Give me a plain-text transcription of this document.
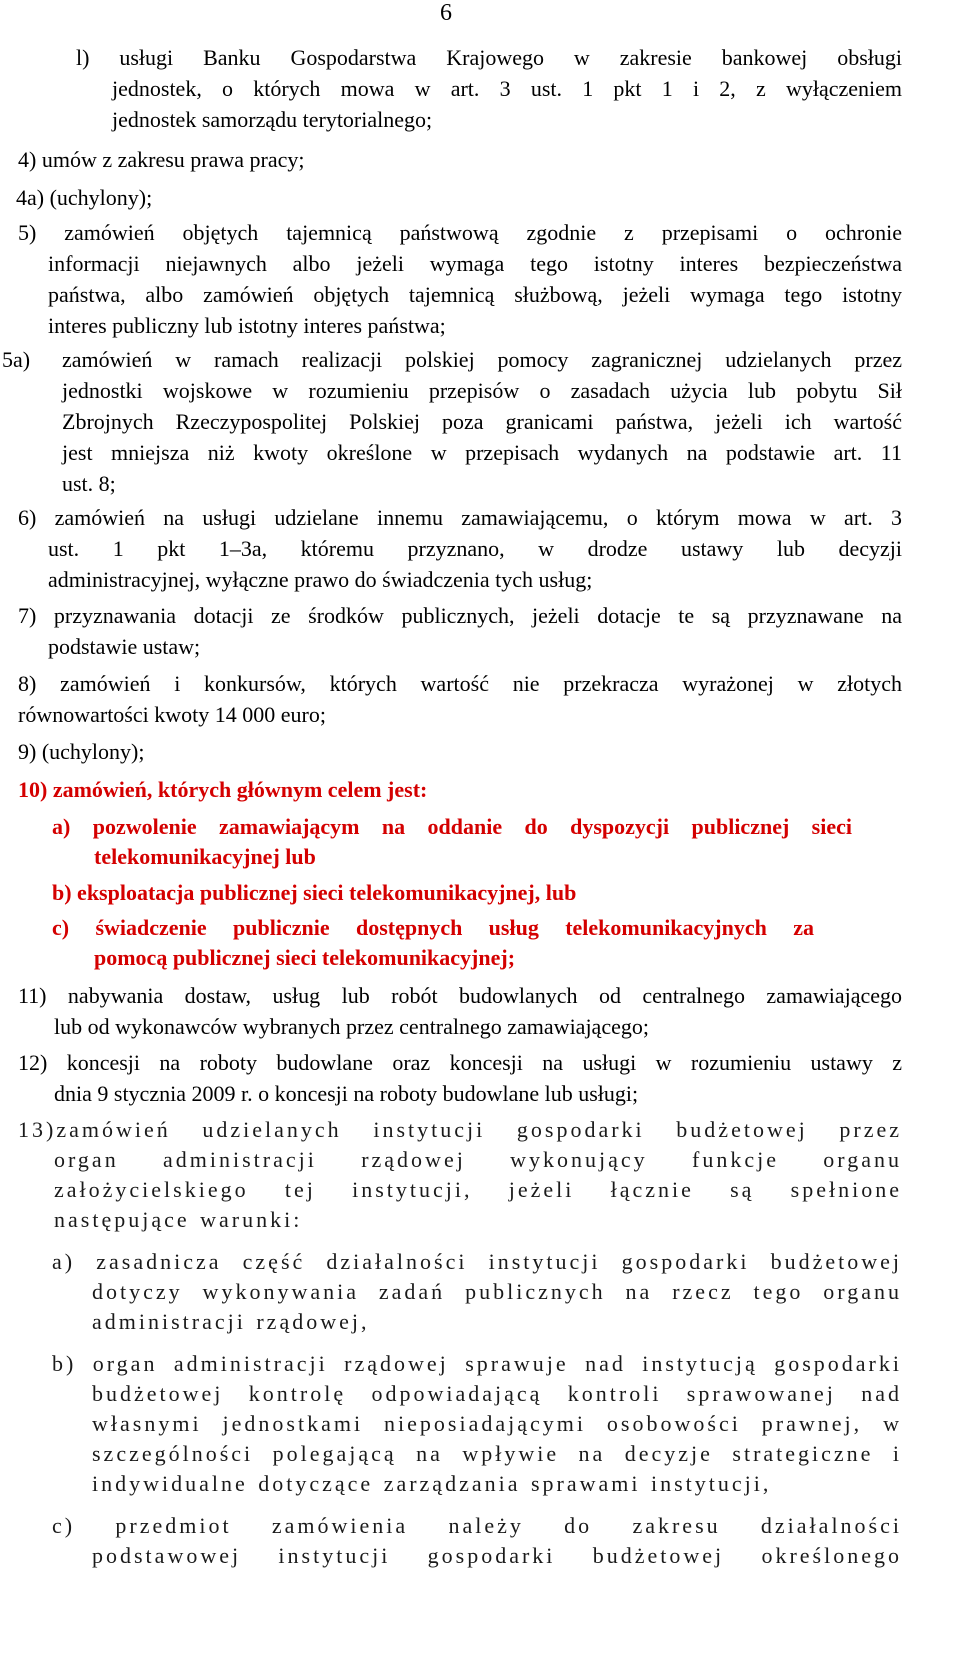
6
l) usługi Banku Gospodarstwa Krajowego w zakresie bankowej obsługi
jednostek, o których mowa w art. 3 ust. 1 pkt 1 i 2, z wyłączeniem
jednostek samorządu terytorialnego;
4) umów z zakresu prawa pracy;
4a) (uchylony);
5) zamówień objętych tajemnicą państwową zgodnie z przepisami o ochronie
informacji niejawnych albo jeżeli wymaga tego istotny interes bezpieczeństwa
państwa, albo zamówień objętych tajemnicą służbową, jeżeli wymaga tego istotny
interes publiczny lub istotny interes państwa;
5a)	zamówień w ramach realizacji polskiej pomocy zagranicznej udzielanych przez
jednostki wojskowe w rozumieniu przepisów o zasadach użycia lub pobytu Sił
Zbrojnych Rzeczypospolitej Polskiej poza granicami państwa, jeżeli ich wartość
jest mniejsza niż kwoty określone w przepisach wydanych na podstawie art. 11
ust. 8;
6) zamówień na usługi udzielane innemu zamawiającemu, o którym mowa w art. 3
ust. 1 pkt 1–3a, któremu przyznano, w drodze ustawy lub decyzji
administracyjnej, wyłączne prawo do świadczenia tych usług;
7) przyznawania dotacji ze środków publicznych, jeżeli dotacje te są przyznawane na
podstawie ustaw;
8) zamówień i konkursów, których wartość nie przekracza wyrażonej w złotych
równowartości kwoty 14 000 euro;
9) (uchylony);
10) zamówień, których głównym celem jest:
a) pozwolenie zamawiającym na oddanie do dyspozycji publicznej sieci
telekomunikacyjnej lub
b) eksploatacja publicznej sieci telekomunikacyjnej, lub
c) świadczenie publicznie dostępnych usług telekomunikacyjnych za
pomocą publicznej sieci telekomunikacyjnej;
11) nabywania dostaw, usług lub robót budowlanych od centralnego zamawiającego
lub od wykonawców wybranych przez centralnego zamawiającego;
12) koncesji na roboty budowlane oraz koncesji na usługi w rozumieniu ustawy z
dnia 9 stycznia 2009 r. o koncesji na roboty budowlane lub usługi;
13)zamówień udzielanych instytucji gospodarki budżetowej przez
organ administracji rządowej wykonujący funkcje organu
założycielskiego tej instytucji, jeżeli łącznie są spełnione
następujące warunki:
a) zasadnicza część działalności instytucji gospodarki budżetowej
dotyczy wykonywania zadań publicznych na rzecz tego organu
administracji rządowej,
b) organ administracji rządowej sprawuje nad instytucją gospodarki
budżetowej kontrolę odpowiadającą kontroli sprawowanej nad
własnymi jednostkami nieposiadającymi osobowości prawnej, w
szczególności polegającą na wpływie na decyzje strategiczne i
indywidualne dotyczące zarządzania sprawami instytucji,
c) przedmiot zamówienia należy do zakresu działalności
podstawowej instytucji gospodarki budżetowej określonego
